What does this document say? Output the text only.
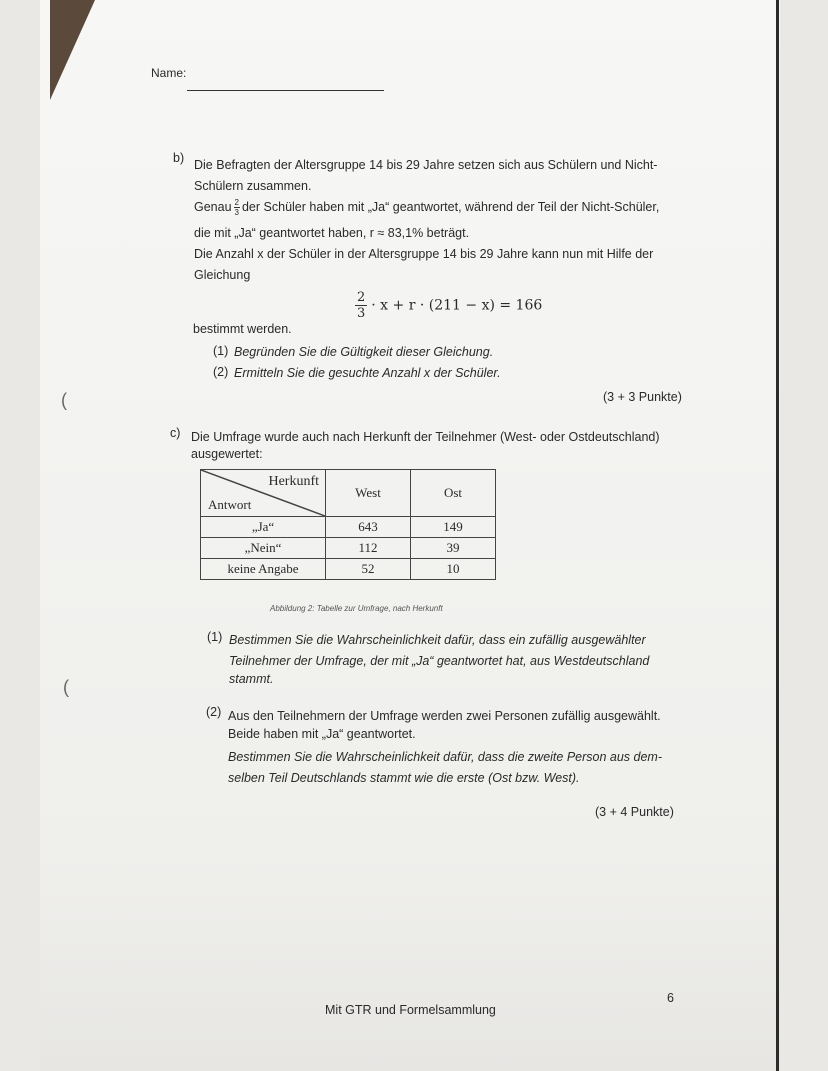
Name:
b) Die Befragten der Altersgruppe 14 bis 29 Jahre setzen sich aus Schülern und Nicht-
Schülern zusammen.
Genau $\frac{2}{3}$ der Schüler haben mit „Ja“ geantwortet, während der Teil der Nicht-Schüler,
die mit „Ja“ geantwortet haben, r ≈ 83,1% beträgt.
Die Anzahl x der Schüler in der Altersgruppe 14 bis 29 Jahre kann nun mit Hilfe der
Gleichung
$\frac{2}{3} \cdot x + r \cdot (211 - x) = 166$
bestimmt werden.
(1) Begründen Sie die Gültigkeit dieser Gleichung.
(2) Ermitteln Sie die gesuchte Anzahl x der Schüler.
(3 + 3 Punkte)
(
c) Die Umfrage wurde auch nach Herkunft der Teilnehmer (West- oder Ostdeutschland)
ausgewertet:
Herkunft
Antwort	West	Ost
„Ja“	643	149
„Nein“	112	39
keine Angabe	52	10
Abbildung 2: Tabelle zur Umfrage, nach Herkunft
(1) Bestimmen Sie die Wahrscheinlichkeit dafür, dass ein zufällig ausgewählter
Teilnehmer der Umfrage, der mit „Ja“ geantwortet hat, aus Westdeutschland
stammt.
(
(2) Aus den Teilnehmern der Umfrage werden zwei Personen zufällig ausgewählt.
Beide haben mit „Ja“ geantwortet.
Bestimmen Sie die Wahrscheinlichkeit dafür, dass die zweite Person aus dem-
selben Teil Deutschlands stammt wie die erste (Ost bzw. West).
(3 + 4 Punkte)
6
Mit GTR und Formelsammlung
